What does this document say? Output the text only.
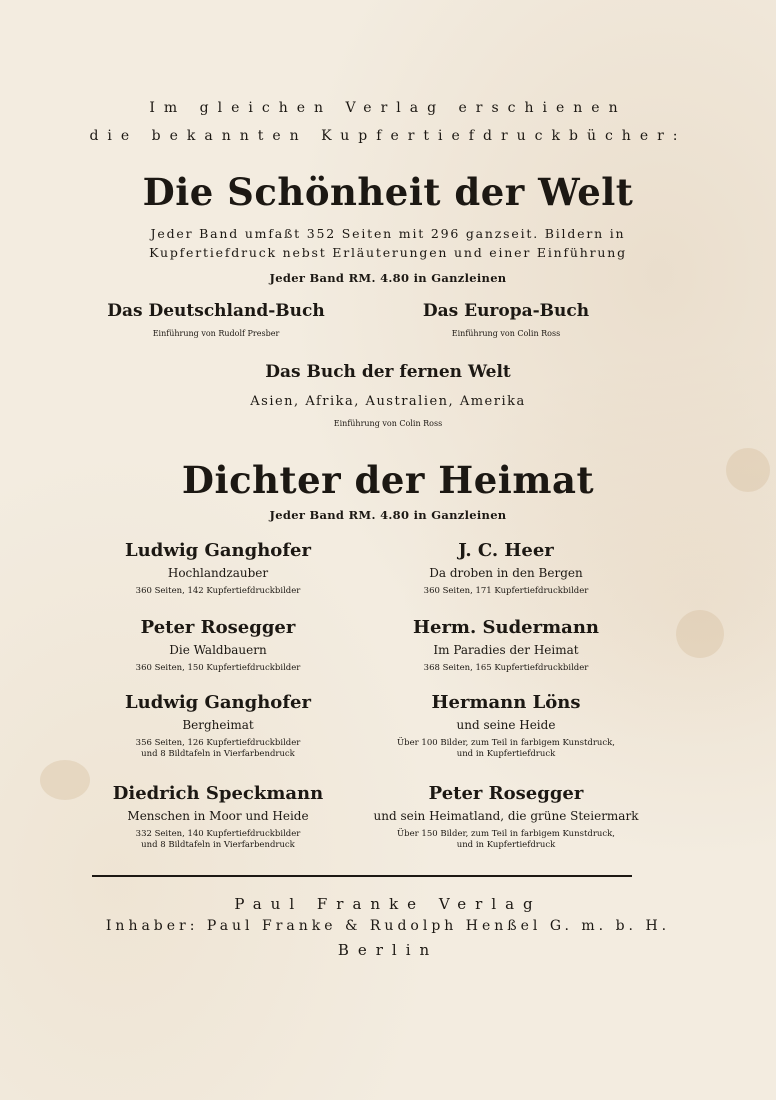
Im gleichen Verlag erschienen
die bekannten Kupfertiefdruckbücher:
Die Schönheit der Welt
Jeder Band umfaßt 352 Seiten mit 296 ganzseit. Bildern in
Kupfertiefdruck nebst Erläuterungen und einer Einführung
Jeder Band RM. 4.80 in Ganzleinen
Das Deutschland-Buch
Einführung von Rudolf Presber
Das Europa-Buch
Einführung von Colin Ross
Das Buch der fernen Welt
Asien, Afrika, Australien, Amerika
Einführung von Colin Ross
Dichter der Heimat
Jeder Band RM. 4.80 in Ganzleinen
Ludwig Ganghofer
Hochlandzauber
360 Seiten, 142 Kupfertiefdruckbilder
J. C. Heer
Da droben in den Bergen
360 Seiten, 171 Kupfertiefdruckbilder
Peter Rosegger
Die Waldbauern
360 Seiten, 150 Kupfertiefdruckbilder
Herm. Sudermann
Im Paradies der Heimat
368 Seiten, 165 Kupfertiefdruckbilder
Ludwig Ganghofer
Bergheimat
356 Seiten, 126 Kupfertiefdruckbilder
und 8 Bildtafeln in Vierfarbendruck
Hermann Löns
und seine Heide
Über 100 Bilder, zum Teil in farbigem Kunstdruck,
und in Kupfertiefdruck
Diedrich Speckmann
Menschen in Moor und Heide
332 Seiten, 140 Kupfertiefdruckbilder
und 8 Bildtafeln in Vierfarbendruck
Peter Rosegger
und sein Heimatland, die grüne Steiermark
Über 150 Bilder, zum Teil in farbigem Kunstdruck,
und in Kupfertiefdruck
Paul Franke Verlag
Inhaber: Paul Franke & Rudolph Henßel G. m. b. H.
Berlin
